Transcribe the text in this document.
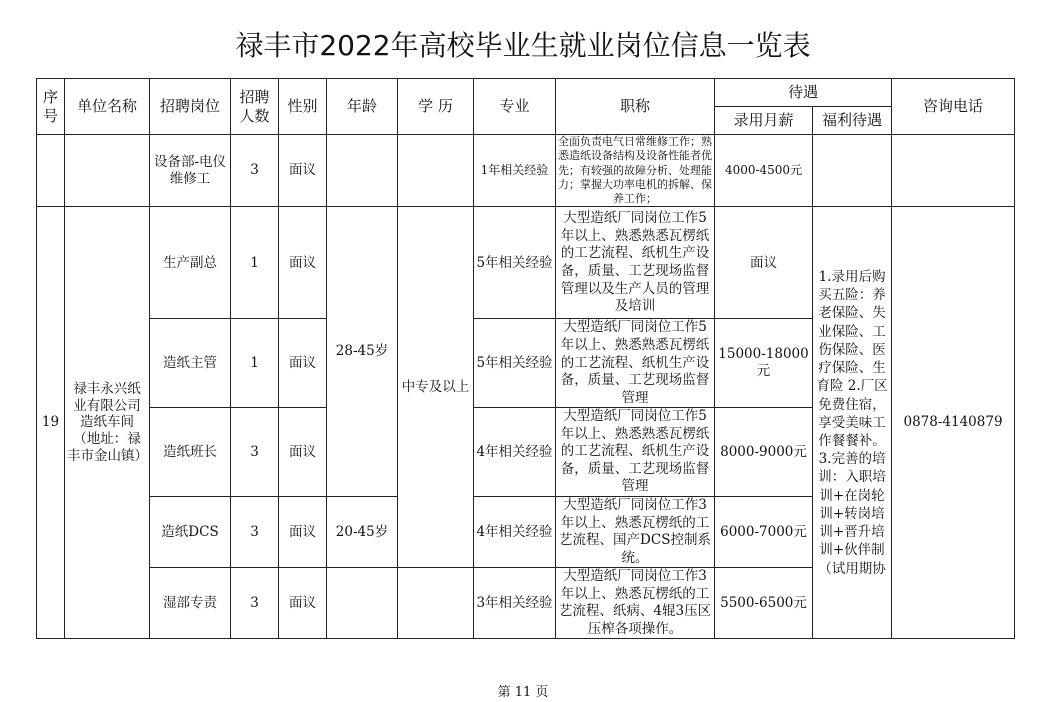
禄丰市2022年高校毕业生就业岗位信息一览表
序号	单位名称	招聘岗位	招聘人数	性别	年龄	学 历	专业	职称	待遇		咨询电话
									录用月薪	福利待遇	
		设备部-电仪维修工	3	面议			1年相关经验	全面负责电气日常维修工作；熟悉造纸设备结构及设备性能者优先；有较强的故障分析、处理能力；掌握大功率电机的拆解、保养工作；	4000-4500元		
19	禄丰永兴纸业有限公司造纸车间（地址：禄丰市金山镇）	生产副总	1	面议	28-45岁	中专及以上	5年相关经验	大型造纸厂同岗位工作5年以上、熟悉熟悉瓦楞纸的工艺流程、纸机生产设备，质量、工艺现场监督管理以及生产人员的管理及培训	面议	1.录用后购买五险：养老保险、失业保险、工伤保险、医疗保险、生育险 2.厂区免费住宿，享受美味工作餐餐补。3.完善的培训：入职培训+在岗轮训+转岗培训+晋升培训+伙伴制（试用期协	0878-4140879
		造纸主管	1	面议			5年相关经验	大型造纸厂同岗位工作5年以上、熟悉熟悉瓦楞纸的工艺流程、纸机生产设备，质量、工艺现场监督管理	15000-18000元		
		造纸班长	3	面议			4年相关经验	大型造纸厂同岗位工作5年以上、熟悉熟悉瓦楞纸的工艺流程、纸机生产设备，质量、工艺现场监督管理	8000-9000元		
		造纸DCS	3	面议	20-45岁		4年相关经验	大型造纸厂同岗位工作3年以上、熟悉瓦楞纸的工艺流程、国产DCS控制系统。	6000-7000元		
		湿部专责	3	面议			3年相关经验	大型造纸厂同岗位工作3年以上、熟悉瓦楞纸的工艺流程、纸病、4辊3压区压榨各项操作。	5500-6500元		
第 11 页
